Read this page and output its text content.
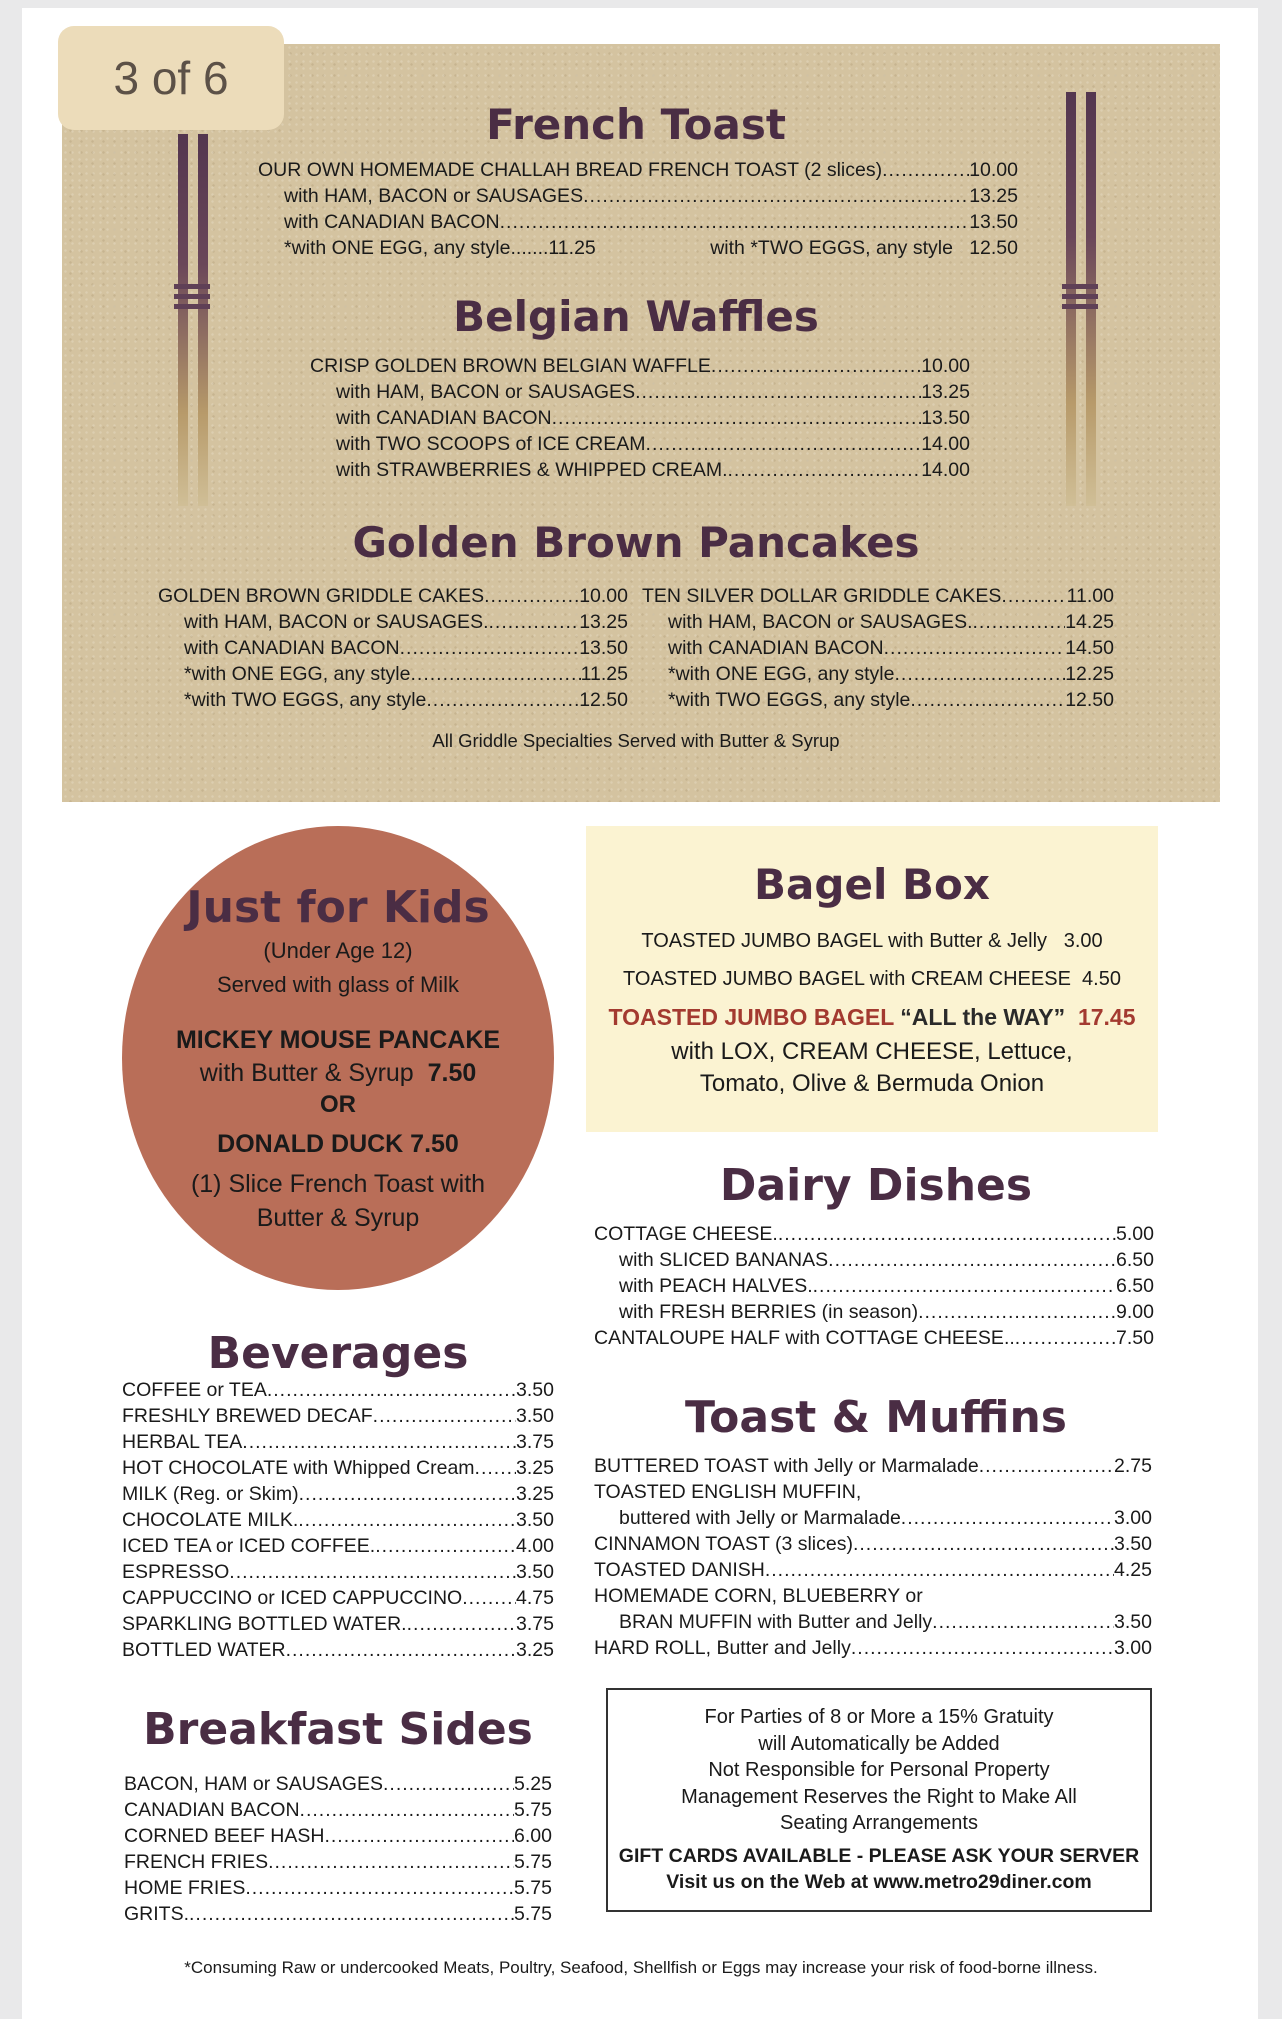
3 of 6
French Toast
OUR OWN HOMEMADE CHALLAH BREAD FRENCH TOAST (2 slices) .....	10.00
with HAM, BACON or SAUSAGES .....	13.25
with CANADIAN BACON .....	13.50
*with ONE EGG, any style.......11.25	with *TWO EGGS, any style   12.50
Belgian Waffles
CRISP GOLDEN BROWN BELGIAN WAFFLE .....	10.00
with HAM, BACON or SAUSAGES .....	13.25
with CANADIAN BACON .....	13.50
with TWO SCOOPS of ICE CREAM .....	14.00
with STRAWBERRIES & WHIPPED CREAM. .....	14.00
Golden Brown Pancakes
GOLDEN BROWN GRIDDLE CAKES .....	10.00
with HAM, BACON or SAUSAGES. .....	13.25
with CANADIAN BACON .....	13.50
*with ONE EGG, any style .....	11.25
*with TWO EGGS, any style .....	12.50
TEN SILVER DOLLAR GRIDDLE CAKES .....	11.00
with HAM, BACON or SAUSAGES. .....	14.25
with CANADIAN BACON .....	14.50
*with ONE EGG, any style .....	12.25
*with TWO EGGS, any style .....	12.50
All Griddle Specialties Served with Butter & Syrup
Just for Kids
(Under Age 12)
Served with glass of Milk
MICKEY MOUSE PANCAKE
with Butter & Syrup 7.50
OR
DONALD DUCK 7.50
(1) Slice French Toast with
Butter & Syrup
Bagel Box
TOASTED JUMBO BAGEL with Butter & Jelly   3.00
TOASTED JUMBO BAGEL with CREAM CHEESE  4.50
TOASTED JUMBO BAGEL “ALL the WAY” 17.45
with LOX, CREAM CHEESE, Lettuce,
Tomato, Olive & Bermuda Onion
Dairy Dishes
COTTAGE CHEESE. .....	5.00
with SLICED BANANAS .....	6.50
with PEACH HALVES. .....	6.50
with FRESH BERRIES (in season) .....	9.00
CANTALOUPE HALF with COTTAGE CHEESE.. .....	7.50
Beverages
COFFEE or TEA .....	3.50
FRESHLY BREWED DECAF .....	3.50
HERBAL TEA .....	3.75
HOT CHOCOLATE with Whipped Cream ..... 3.25
MILK (Reg. or Skim) .....	3.25
CHOCOLATE MILK. .....	3.50
ICED TEA or ICED COFFEE. .....	4.00
ESPRESSO .....	3.50
CAPPUCCINO or ICED CAPPUCCINO .....	4.75
SPARKLING BOTTLED WATER. .....	3.75
BOTTLED WATER .....	3.25
Toast & Muffins
BUTTERED TOAST with Jelly or Marmalade .....	2.75
TOASTED ENGLISH MUFFIN,
buttered with Jelly or Marmalade .....	3.00
CINNAMON TOAST (3 slices) .....	3.50
TOASTED DANISH .....	4.25
HOMEMADE CORN, BLUEBERRY or
BRAN MUFFIN with Butter and Jelly .....	3.50
HARD ROLL, Butter and Jelly .....	3.00
Breakfast Sides
BACON, HAM or SAUSAGES .....	5.25
CANADIAN BACON .....	5.75
CORNED BEEF HASH .....	6.00
FRENCH FRIES .....	5.75
HOME FRIES .....	5.75
GRITS. .....	5.75
For Parties of 8 or More a 15% Gratuity
will Automatically be Added
Not Responsible for Personal Property
Management Reserves the Right to Make All
Seating Arrangements
GIFT CARDS AVAILABLE - PLEASE ASK YOUR SERVER
Visit us on the Web at www.metro29diner.com
*Consuming Raw or undercooked Meats, Poultry, Seafood, Shellfish or Eggs may increase your risk of food-borne illness.
